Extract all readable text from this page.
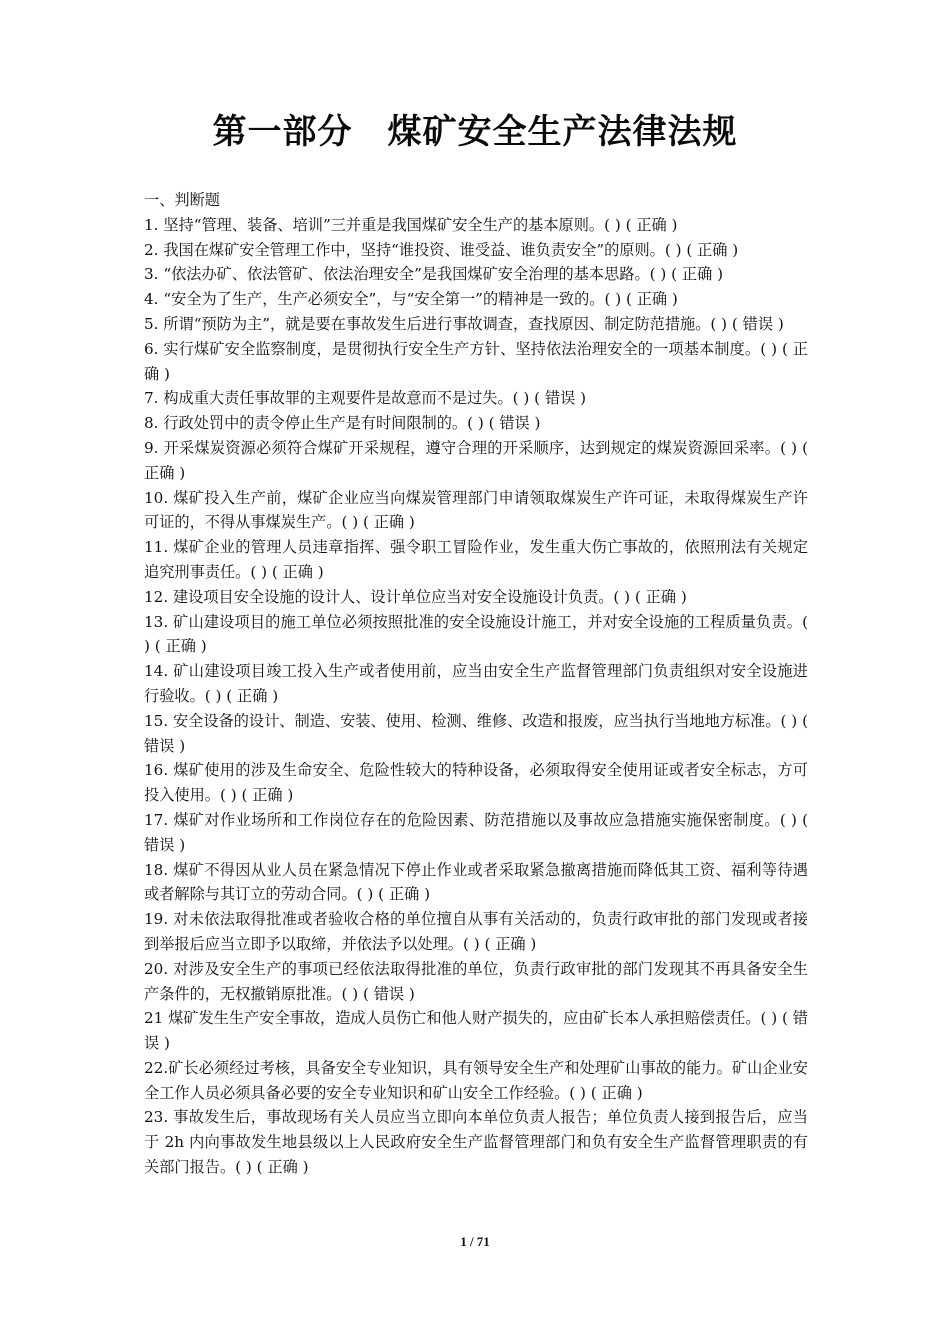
第一部分　煤矿安全生产法律法规

一、判断题

1. 坚持“管理、装备、培训”三并重是我国煤矿安全生产的基本原则。( ) ( 正确 )

2. 我国在煤矿安全管理工作中，坚持“谁投资、谁受益、谁负责安全”的原则。( ) ( 正确 )

3. “依法办矿、依法管矿、依法治理安全”是我国煤矿安全治理的基本思路。( ) ( 正确 )

4. “安全为了生产，生产必须安全”，与“安全第一”的精神是一致的。( ) ( 正确 )

5. 所谓“预防为主”，就是要在事故发生后进行事故调查，查找原因、制定防范措施。( ) ( 错误 )

6. 实行煤矿安全监察制度，是贯彻执行安全生产方针、坚持依法治理安全的一项基本制度。( ) ( 正确 )

7. 构成重大责任事故罪的主观要件是故意而不是过失。( ) ( 错误 )

8. 行政处罚中的责令停止生产是有时间限制的。( ) ( 错误 )

9. 开采煤炭资源必须符合煤矿开采规程，遵守合理的开采顺序，达到规定的煤炭资源回采率。( ) ( 正确 )

10. 煤矿投入生产前，煤矿企业应当向煤炭管理部门申请领取煤炭生产许可证，未取得煤炭生产许可证的，不得从事煤炭生产。( ) ( 正确 )

11. 煤矿企业的管理人员违章指挥、强令职工冒险作业，发生重大伤亡事故的，依照刑法有关规定追究刑事责任。( ) ( 正确 )

12. 建设项目安全设施的设计人、设计单位应当对安全设施设计负责。( ) ( 正确 )

13. 矿山建设项目的施工单位必须按照批准的安全设施设计施工，并对安全设施的工程质量负责。( ) ( 正确 )

14. 矿山建设项目竣工投入生产或者使用前，应当由安全生产监督管理部门负责组织对安全设施进行验收。( ) ( 正确 )

15. 安全设备的设计、制造、安装、使用、检测、维修、改造和报废，应当执行当地地方标准。( ) ( 错误 )

16. 煤矿使用的涉及生命安全、危险性较大的特种设备，必须取得安全使用证或者安全标志，方可投入使用。( ) ( 正确 )

17. 煤矿对作业场所和工作岗位存在的危险因素、防范措施以及事故应急措施实施保密制度。( ) ( 错误 )

18. 煤矿不得因从业人员在紧急情况下停止作业或者采取紧急撤离措施而降低其工资、福利等待遇或者解除与其订立的劳动合同。( ) ( 正确 )

19. 对未依法取得批准或者验收合格的单位擅自从事有关活动的，负责行政审批的部门发现或者接到举报后应当立即予以取缔，并依法予以处理。( ) ( 正确 )

20. 对涉及安全生产的事项已经依法取得批准的单位，负责行政审批的部门发现其不再具备安全生产条件的，无权撤销原批准。( ) ( 错误 )

21 煤矿发生生产安全事故，造成人员伤亡和他人财产损失的，应由矿长本人承担赔偿责任。( ) ( 错误 )

22.矿长必须经过考核，具备安全专业知识，具有领导安全生产和处理矿山事故的能力。矿山企业安全工作人员必须具备必要的安全专业知识和矿山安全工作经验。( ) ( 正确 )

23. 事故发生后，事故现场有关人员应当立即向本单位负责人报告；单位负责人接到报告后，应当于 2h 内向事故发生地县级以上人民政府安全生产监督管理部门和负有安全生产监督管理职责的有关部门报告。( ) ( 正确 )

1 / 71
